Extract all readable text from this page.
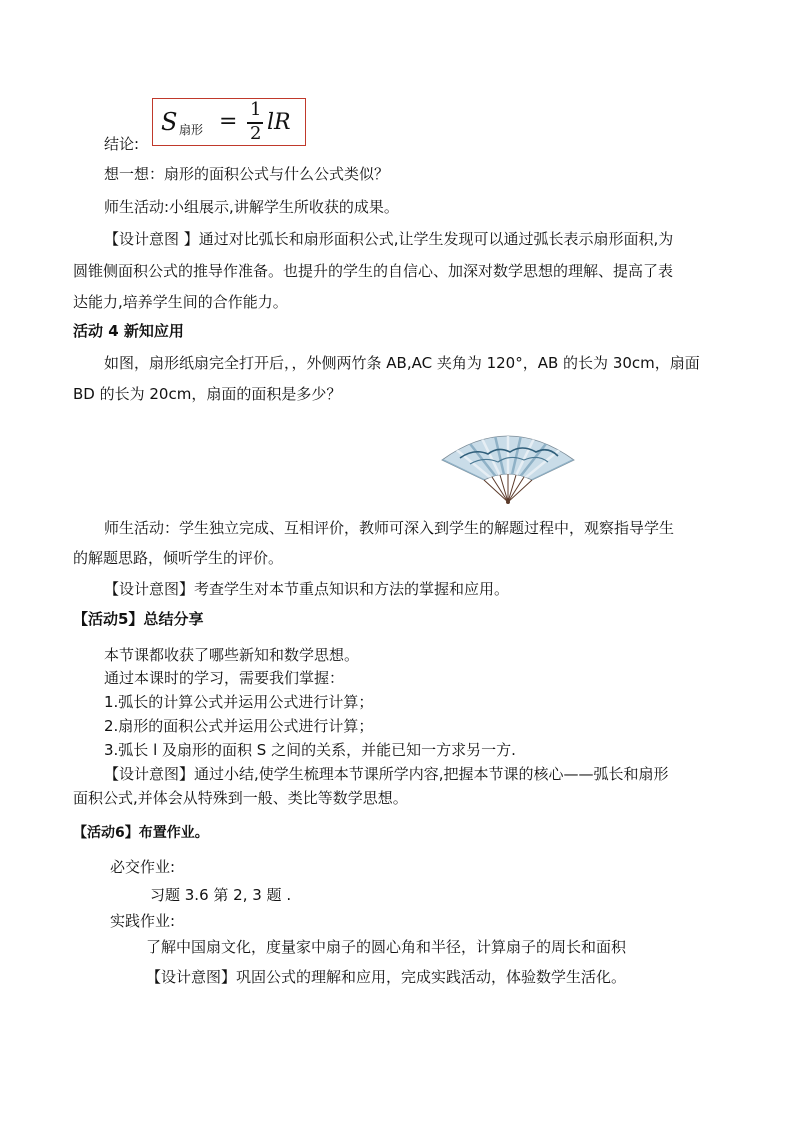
结论:
S 扇形 = 1
2 lR
想一想：扇形的面积公式与什么公式类似？
师生活动:小组展示,讲解学生所收获的成果。
【设计意图 】通过对比弧长和扇形面积公式,让学生发现可以通过弧长表示扇形面积,为
圆锥侧面积公式的推导作准备。也提升的学生的自信心、加深对数学思想的理解、提高了表
达能力,培养学生间的合作能力。
活动 4 新知应用
如图，扇形纸扇完全打开后，，外侧两竹条 AB,AC 夹角为 120°，AB 的长为 30cm，扇面
BD 的长为 20cm，扇面的面积是多少？
师生活动：学生独立完成、互相评价，教师可深入到学生的解题过程中，观察指导学生
的解题思路，倾听学生的评价。
【设计意图】考查学生对本节重点知识和方法的掌握和应用。
【活动5】总结分享
本节课都收获了哪些新知和数学思想。
通过本课时的学习，需要我们掌握：
1.弧长的计算公式并运用公式进行计算；
2.扇形的面积公式并运用公式进行计算；
3.弧长 l 及扇形的面积 S 之间的关系，并能已知一方求另一方.
【设计意图】通过小结,使学生梳理本节课所学内容,把握本节课的核心——弧长和扇形
面积公式,并体会从特殊到一般、类比等数学思想。
【活动6】布置作业。
必交作业:
习题 3.6 第 2, 3 题 .
实践作业:
了解中国扇文化，度量家中扇子的圆心角和半径，计算扇子的周长和面积
【设计意图】巩固公式的理解和应用，完成实践活动，体验数学生活化。
